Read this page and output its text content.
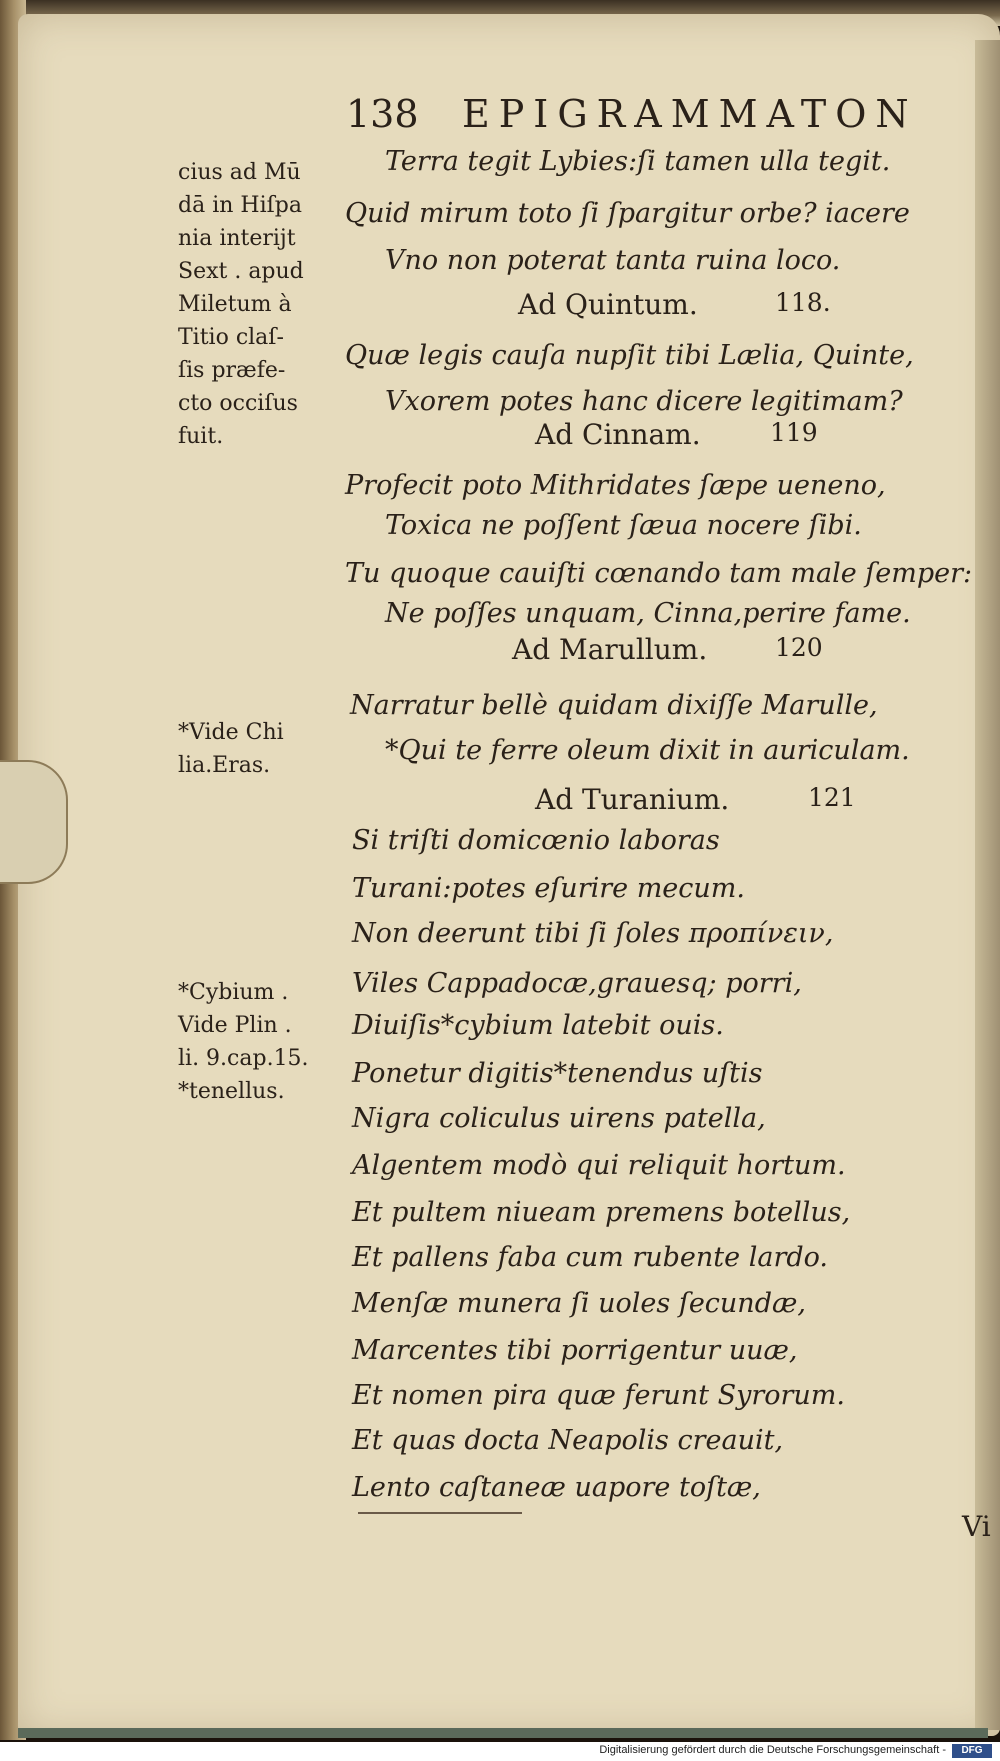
138 EPIGRAMMATON
Terra tegit Lybies:ſi tamen ulla tegit.
Quid mirum toto ſi ſpargitur orbe? iacere
Vno non poterat tanta ruina loco.
Ad Quintum.	118.
Quæ legis cauſa nupſit tibi Lælia, Quinte,
Vxorem potes hanc dicere legitimam?
Ad Cinnam.	119
Profecit poto Mithridates ſæpe ueneno,
Toxica ne poſſent ſæua nocere ſibi.
Tu quoque cauiſti cœnando tam male ſemper:
Ne poſſes unquam, Cinna,perire fame.
Ad Marullum.	120
Narratur bellè quidam dixiſſe Marulle,
*Qui te ferre oleum dixit in auriculam.
Ad Turanium.	121
Si triſti domicœnio laboras
Turani:potes eſurire mecum.
Non deerunt tibi ſi ſoles προπίνειν,
Viles Cappadocæ,grauesq; porri,
Diuiſis*cybium latebit ouis.
Ponetur digitis*tenendus uſtis
Nigra coliculus uirens patella,
Algentem modò qui reliquit hortum.
Et pultem niueam premens botellus,
Et pallens faba cum rubente lardo.
Menſæ munera ſi uoles ſecundæ,
Marcentes tibi porrigentur uuæ,
Et nomen pira quæ ferunt Syrorum.
Et quas docta Neapolis creauit,
Lento caſtaneæ uapore toſtæ,
cius ad Mū
dā in Hiſpa
nia interijt
Sext . apud
Miletum à
Titio claſ-
ſis præfe-
cto occiſus
fuit.
*Vide Chi
lia.Eras.
*Cybium .
Vide Plin .
li. 9.cap.15.
*tenellus.
Vi
Digitalisierung gefördert durch die Deutsche Forschungsgemeinschaft -	DFG
